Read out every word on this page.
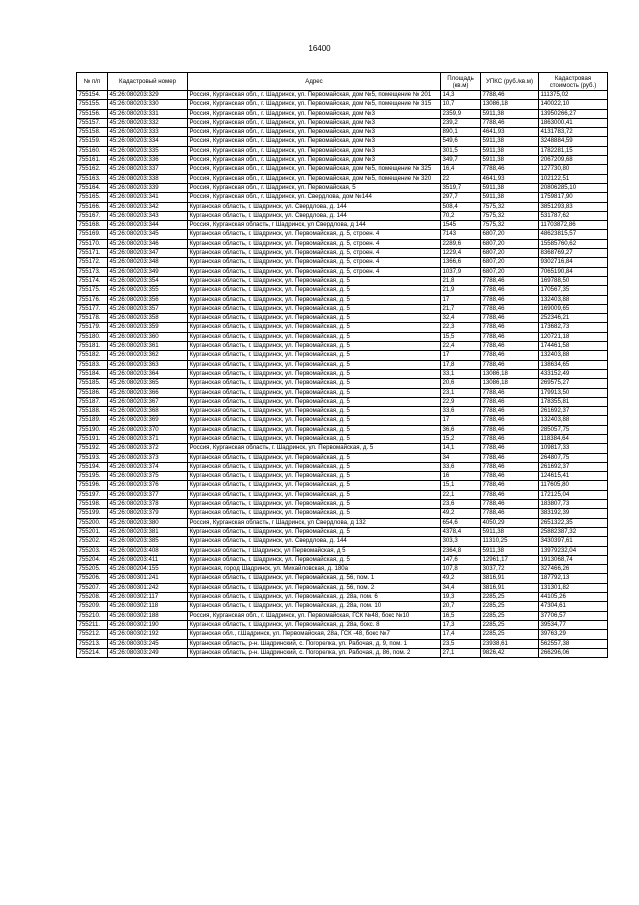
16400
№ п/п	Кадастровый номер	Адрес	Площадь (кв.м)	УПКС (руб./кв.м)	Кадастровая стоимость (руб.)
755154.	45:26:080203:329	Россия, Курганская обл., г. Шадринск, ул. Первомайская, дом №5, помещение № 201	14,3	7788,46	111375,02
755155.	45:26:080203:330	Россия, Курганская обл., г. Шадринск, ул. Первомайская, дом №5, помещение № 315	10,7	13086,18	140022,10
755156.	45:26:080203:331	Россия, Курганская обл., г. Шадринск, ул. Первомайская, дом №3	2359,9	5911,38	13950266,27
755157.	45:26:080203:332	Россия, Курганская обл., г. Шадринск, ул. Первомайская, дом №3	239,2	7788,46	1863000,41
755158.	45:26:080203:333	Россия, Курганская обл., г. Шадринск, ул. Первомайская, дом №3	890,1	4641,93	4131783,72
755159.	45:26:080203:334	Россия, Курганская обл., г. Шадринск, ул. Первомайская, дом №3	549,6	5911,38	3248884,59
755160.	45:26:080203:335	Россия, Курганская обл., г. Шадринск, ул. Первомайская, дом №3	301,5	5911,38	1782281,15
755161.	45:26:080203:336	Россия, Курганская обл., г. Шадринск, ул. Первомайская, дом №3	349,7	5911,38	2067209,68
755162.	45:26:080203:337	Россия, Курганская обл., г. Шадринск, ул. Первомайская, дом №5, помещение № 325	16,4	7788,46	127730,80
755163.	45:26:080203:338	Россия, Курганская обл., г. Шадринск, ул. Первомайская, дом №5, помещение № 320	22	4641,93	102122,51
755164.	45:26:080203:339	Россия, Курганская обл., г. Шадринск, ул. Первомайская, 5	3519,7	5911,38	20806285,10
755165.	45:26:080203:341	Россия, Курганская обл., г. Шадринск, ул. Свердлова, дом №144	297,7	5911,38	1759817,90
755166.	45:26:080203:342	Курганская область, г. Шадринск, ул. Свердлова, д. 144	508,4	7575,32	3851293,83
755167.	45:26:080203:343	Курганская область, г. Шадринск, ул. Свердлова, д. 144	70,2	7575,32	531787,62
755168.	45:26:080203:344	Россия, Курганская область, г Шадринск, ул Свердлова, д 144	1545	7575,32	11703872,86
755169.	45:26:080203:345	Курганская область, г. Шадринск, ул. Первомайская, д. 5, строен. 4	7143	6807,20	48623815,57
755170.	45:26:080203:346	Курганская область, г. Шадринск, ул. Первомайская, д. 5, строен. 4	2289,6	6807,20	15585760,62
755171.	45:26:080203:347	Курганская область, г. Шадринск, ул. Первомайская, д. 5, строен. 4	1229,4	6807,20	8368769,27
755172.	45:26:080203:348	Курганская область, г. Шадринск, ул. Первомайская, д. 5, строен. 4	1366,6	6807,20	9302716,84
755173.	45:26:080203:349	Курганская область, г. Шадринск, ул. Первомайская, д. 5, строен. 4	1037,9	6807,20	7065190,84
755174.	45:26:080203:354	Курганская область, г. Шадринск, ул. Первомайская, д. 5	21,8	7788,46	169788,50
755175.	45:26:080203:355	Курганская область, г. Шадринск, ул. Первомайская, д. 5	21,9	7788,46	170567,35
755176.	45:26:080203:356	Курганская область, г. Шадринск, ул. Первомайская, д. 5	17	7788,46	132403,88
755177.	45:26:080203:357	Курганская область, г. Шадринск, ул. Первомайская, д. 5	21,7	7788,46	169009,65
755178.	45:26:080203:358	Курганская область, г. Шадринск, ул. Первомайская, д. 5	32,4	7788,46	252346,21
755179.	45:26:080203:359	Курганская область, г. Шадринск, ул. Первомайская, д. 5	22,3	7788,46	173682,73
755180.	45:26:080203:360	Курганская область, г. Шадринск, ул. Первомайская, д. 5	15,5	7788,46	120721,18
755181.	45:26:080203:361	Курганская область, г. Шадринск, ул. Первомайская, д. 5	22,4	7788,46	174461,58
755182.	45:26:080203:362	Курганская область, г. Шадринск, ул. Первомайская, д. 5	17	7788,46	132403,88
755183.	45:26:080203:363	Курганская область, г. Шадринск, ул. Первомайская, д. 5	17,8	7788,46	138634,65
755184.	45:26:080203:364	Курганская область, г. Шадринск, ул. Первомайская, д. 5	33,1	13086,18	433152,49
755185.	45:26:080203:365	Курганская область, г. Шадринск, ул. Первомайская, д. 5	20,6	13086,18	269575,27
755186.	45:26:080203:366	Курганская область, г. Шадринск, ул. Первомайская, д. 5	23,1	7788,46	179913,50
755187.	45:26:080203:367	Курганская область, г. Шадринск, ул. Первомайская, д. 5	22,9	7788,46	178355,81
755188.	45:26:080203:368	Курганская область, г. Шадринск, ул. Первомайская, д. 5	33,6	7788,46	261692,37
755189.	45:26:080203:369	Курганская область, г. Шадринск, ул. Первомайская, д. 5	17	7788,46	132403,88
755190.	45:26:080203:370	Курганская область, г. Шадринск, ул. Первомайская, д. 5	36,6	7788,46	285057,75
755191.	45:26:080203:371	Курганская область, г. Шадринск, ул. Первомайская, д. 5	15,2	7788,46	118384,64
755192.	45:26:080203:372	Россия, Курганская область, г. Шадринск, ул. Первомайская, д. 5	14,1	7788,46	109817,33
755193.	45:26:080203:373	Курганская область, г. Шадринск, ул. Первомайская, д. 5	34	7788,46	264807,75
755194.	45:26:080203:374	Курганская область, г. Шадринск, ул. Первомайская, д. 5	33,6	7788,46	261692,37
755195.	45:26:080203:375	Курганская область, г. Шадринск, ул. Первомайская, д. 5	16	7788,46	124615,41
755196.	45:26:080203:376	Курганская область, г. Шадринск, ул. Первомайская, д. 5	15,1	7788,46	117605,80
755197.	45:26:080203:377	Курганская область, г. Шадринск, ул. Первомайская, д. 5	22,1	7788,46	172125,04
755198.	45:26:080203:378	Курганская область, г. Шадринск, ул. Первомайская, д. 5	23,6	7788,46	183807,73
755199.	45:26:080203:379	Курганская область, г. Шадринск, ул. Первомайская, д. 5	49,2	7788,46	383192,39
755200.	45:26:080203:380	Россия, Курганская область, г Шадринск, ул Свердлова, д 132	654,6	4050,29	2651322,35
755201.	45:26:080203:381	Курганская область, г. Шадринск, ул. Первомайская, д. 5	4378,4	5911,38	25882387,32
755202.	45:26:080203:385	Курганская область, г. Шадринск, ул. Свердлова, д. 144	303,3	11310,25	3430397,61
755203.	45:26:080203:408	Курганская область, г Шадринск, ул Первомайская, д 5	2364,8	5911,38	13979232,04
755204.	45:26:080203:411	Курганская область, г. Шадринск, ул. Первомайская, д. 5	147,6	12961,17	1913068,74
755205.	45:26:080204:155	Курганская, город Шадринск, ул. Михайловская, д. 180а	107,8	3037,72	327466,26
755206.	45:26:080301:241	Курганская область, г. Шадринск, ул. Первомайская, д. 56, пом. 1	49,2	3816,91	187792,13
755207.	45:26:080301:242	Курганская область, г. Шадринск, ул. Первомайская, д. 56, пом. 2	34,4	3816,91	131301,82
755208.	45:26:080302:117	Курганская область, г. Шадринск, ул. Первомайская, д. 28а, пом. 6	19,3	2285,25	44105,26
755209.	45:26:080302:118	Курганская область, г. Шадринск, ул. Первомайская, д. 28а, пом. 10	20,7	2285,25	47304,61
755210.	45:26:080302:188	Россия, Курганская обл., г. Шадринск, ул. Первомайская, ГСК №48, бокс №10	16,5	2285,25	37706,57
755211.	45:26:080302:190	Курганская область, г. Шадринск, ул. Первомайская, д. 28а, бокс. 8	17,3	2285,25	39534,77
755212.	45:26:080302:192	Курганская обл., г.Шадринск, ул. Первомайская, 28а, ГСК -48, бокс №7	17,4	2285,25	39763,29
755213.	45:26:080303:245	Курганская область, р-н. Шадринский, с. Погорелка, ул. Рабочая, д. 9, пом. 1	23,5	23938,61	562557,38
755214.	45:26:080303:249	Курганская область, р-н. Шадринский, с. Погорелка, ул. Рабочая, д. 86, пом. 2	27,1	9826,42	266296,06
